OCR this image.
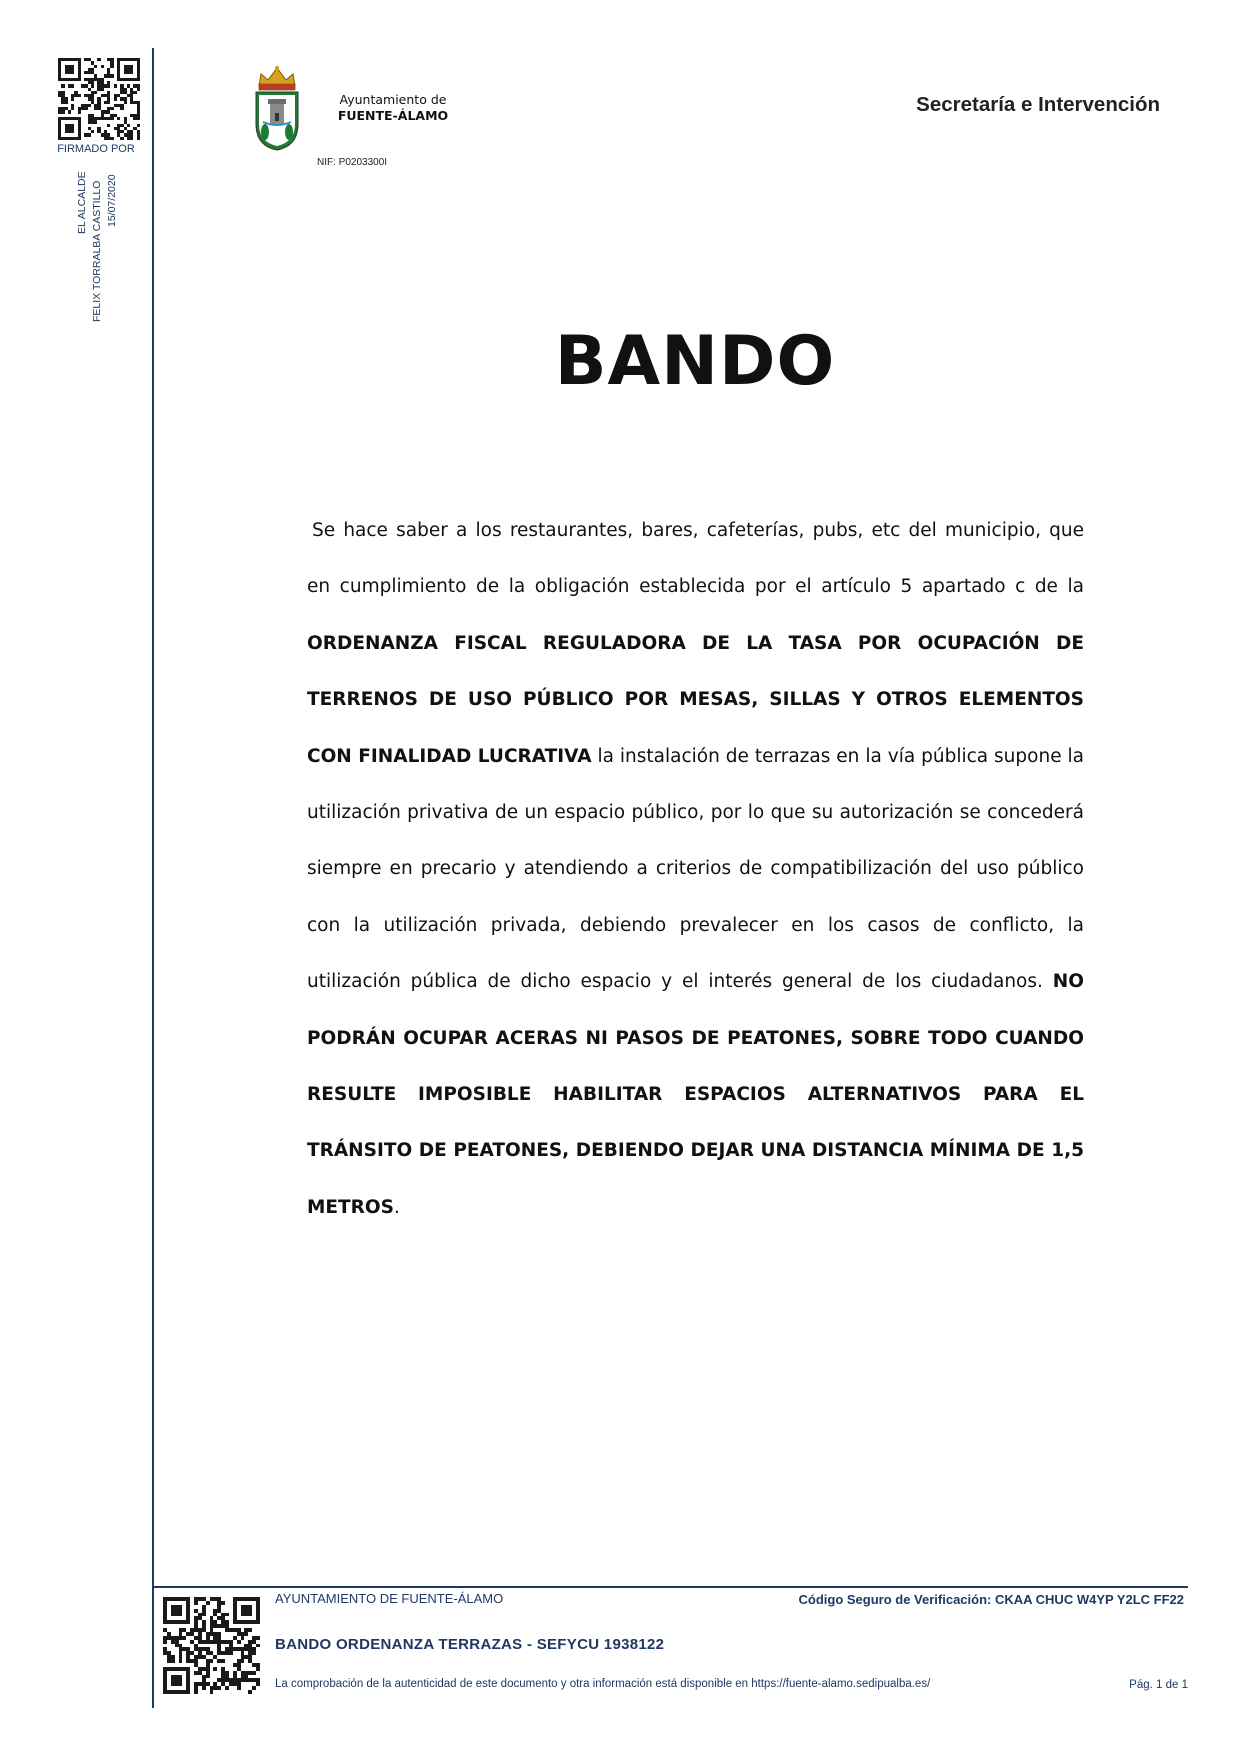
FIRMADO POR
EL ALCALDE FELIX TORRALBA CASTILLO 15/07/2020
Ayuntamiento de
FUENTE-ÁLAMO
NIF: P0203300I
Secretaría e Intervención
BANDO
Se hace saber a los restaurantes, bares, cafeterías, pubs, etc del municipio, que en cumplimiento de la obligación establecida por el artículo 5 apartado c de la ORDENANZA FISCAL REGULADORA DE LA TASA POR OCUPACIÓN DE TERRENOS DE USO PÚBLICO POR MESAS, SILLAS Y OTROS ELEMENTOS CON FINALIDAD LUCRATIVA la instalación de terrazas en la vía pública supone la utilización privativa de un espacio público, por lo que su autorización se concederá siempre en precario y atendiendo a criterios de compatibilización del uso público con la utilización privada, debiendo prevalecer en los casos de conflicto, la utilización pública de dicho espacio y el interés general de los ciudadanos. NO PODRÁN OCUPAR ACERAS NI PASOS DE PEATONES, SOBRE TODO CUANDO RESULTE IMPOSIBLE HABILITAR ESPACIOS ALTERNATIVOS PARA EL TRÁNSITO DE PEATONES, DEBIENDO DEJAR UNA DISTANCIA MÍNIMA DE 1,5 METROS.
AYUNTAMIENTO DE FUENTE-ÁLAMO	Código Seguro de Verificación: CKAA CHUC W4YP Y2LC FF22
BANDO ORDENANZA TERRAZAS - SEFYCU 1938122
La comprobación de la autenticidad de este documento y otra información está disponible en https://fuente-alamo.sedipualba.es/	Pág. 1 de 1
